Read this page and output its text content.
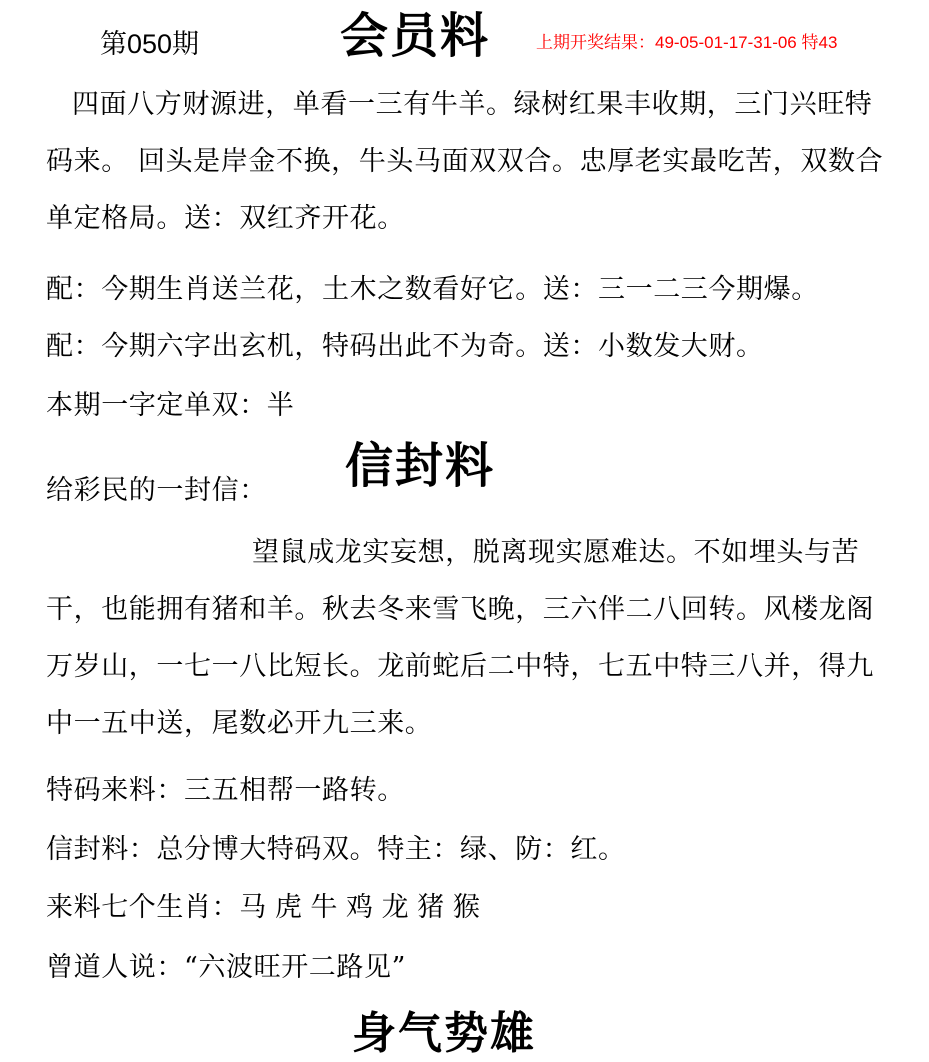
第050期	会员料	上期开奖结果：49-05-01-17-31-06 特43
四面八方财源进，单看一三有牛羊。绿树红果丰收期，三门兴旺特码来。 回头是岸金不换，牛头马面双双合。忠厚老实最吃苦，双数合单定格局。送：双红齐开花。
配：今期生肖送兰花，土木之数看好它。送：三一二三今期爆。
配：今期六字出玄机，特码出此不为奇。送：小数发大财。
本期一字定单双：半
给彩民的一封信： 信封料
望鼠成龙实妄想，脱离现实愿难达。不如埋头与苦干，也能拥有猪和羊。秋去冬来雪飞晚，三六伴二八回转。风楼龙阁万岁山，一七一八比短长。龙前蛇后二中特，七五中特三八并，得九中一五中送，尾数必开九三来。
特码来料：三五相帮一路转。
信封料：总分博大特码双。特主：绿、防：红。
来料七个生肖：马 虎 牛 鸡 龙 猪 猴
曾道人说：“六波旺开二路见”
身气势雄
